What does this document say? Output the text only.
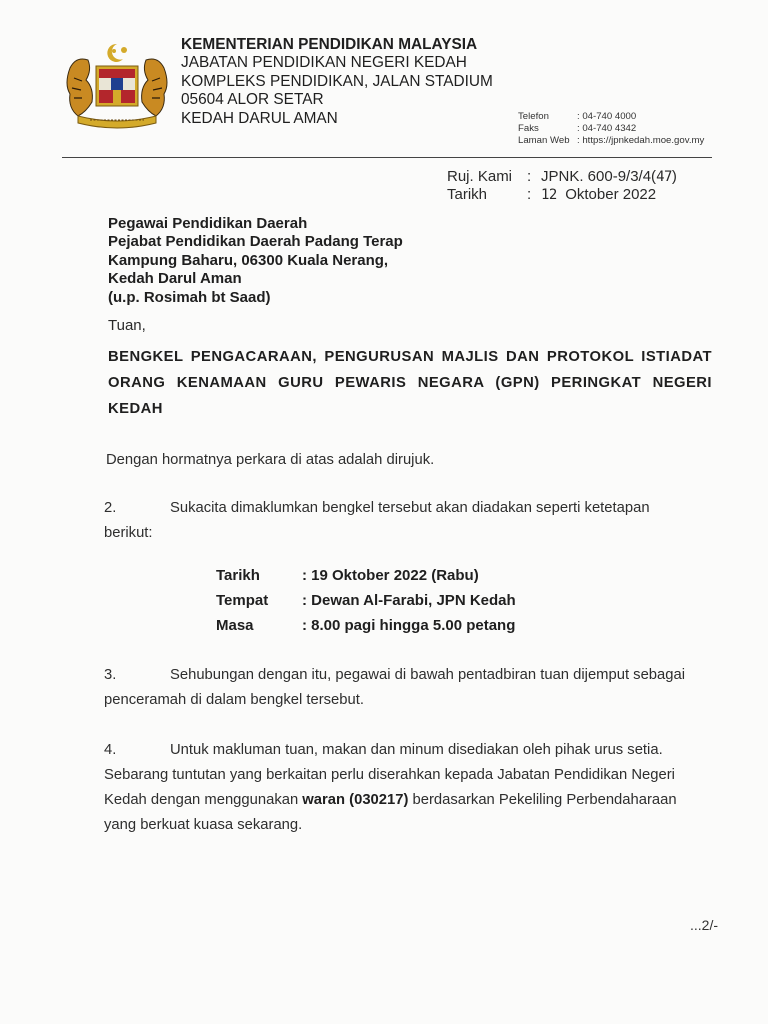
KEMENTERIAN PENDIDIKAN MALAYSIA
JABATAN PENDIDIKAN NEGERI KEDAH
KOMPLEKS PENDIDIKAN, JALAN STADIUM
05604 ALOR SETAR
KEDAH DARUL AMAN	Telefon	: 04-740 4000
Faks	: 04-740 4342
Laman Web : https://jpnkedah.moe.gov.my
Ruj. Kami : JPNK. 600-9/3/4(47)
Tarikh	: 12 Oktober 2022
Pegawai Pendidikan Daerah
Pejabat Pendidikan Daerah Padang Terap
Kampung Baharu, 06300 Kuala Nerang,
Kedah Darul Aman
(u.p. Rosimah bt Saad)
Tuan,
BENGKEL PENGACARAAN, PENGURUSAN MAJLIS DAN PROTOKOL ISTIADAT
ORANG KENAMAAN GURU PEWARIS NEGARA (GPN) PERINGKAT NEGERI
KEDAH
Dengan hormatnya perkara di atas adalah dirujuk.
2.	Sukacita dimaklumkan bengkel tersebut akan diadakan seperti ketetapan
berikut:
Tarikh	: 19 Oktober 2022 (Rabu)
Tempat	: Dewan Al-Farabi, JPN Kedah
Masa	: 8.00 pagi hingga 5.00 petang
3.	Sehubungan dengan itu, pegawai di bawah pentadbiran tuan dijemput sebagai
penceramah di dalam bengkel tersebut.
4.	Untuk makluman tuan, makan dan minum disediakan oleh pihak urus setia.
Sebarang tuntutan yang berkaitan perlu diserahkan kepada Jabatan Pendidikan Negeri
Kedah dengan menggunakan waran (030217) berdasarkan Pekeliling Perbendaharaan
yang berkuat kuasa sekarang.
...2/-
